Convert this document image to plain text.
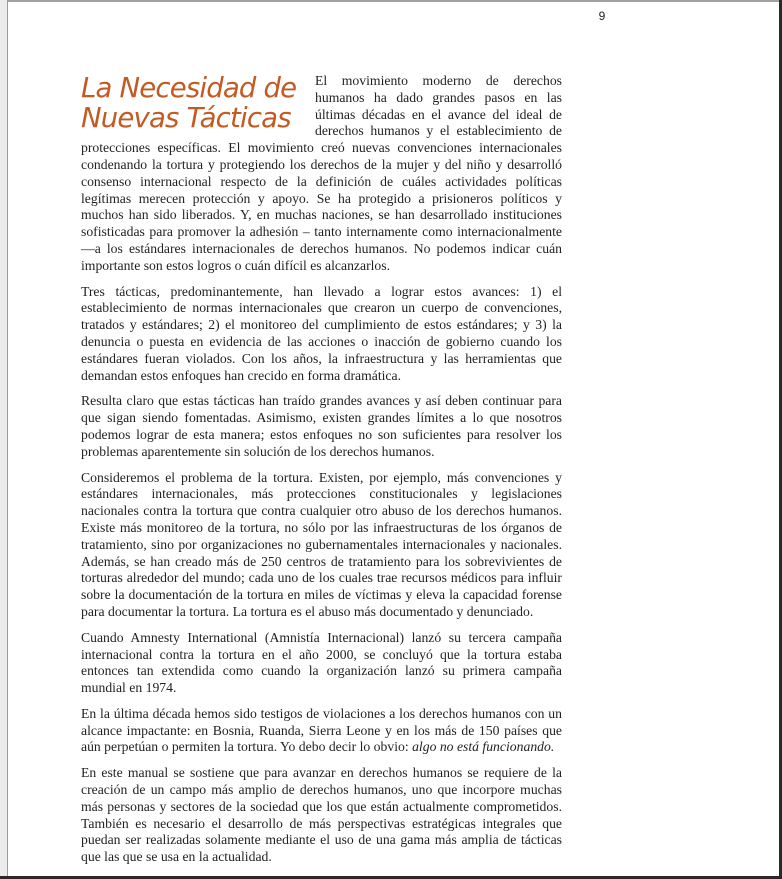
9
La Necesidad de
Nuevas Tácticas

El movimiento moderno de derechos humanos ha dado grandes pasos en las últimas décadas en el avance del ideal de derechos humanos y el establecimiento de protecciones específicas. El movimiento creó nuevas convenciones internacionales condenando la tortura y protegiendo los derechos de la mujer y del niño y desarrolló consenso internacional respecto de la definición de cuáles actividades políticas legítimas merecen protección y apoyo. Se ha protegido a prisioneros políticos y muchos han sido liberados. Y, en muchas naciones, se han desarrollado instituciones sofisticadas para promover la adhesión – tanto internamente como internacionalmente—a los estándares internacionales de derechos humanos. No podemos indicar cuán importante son estos logros o cuán difícil es alcanzarlos.

Tres tácticas, predominantemente, han llevado a lograr estos avances: 1) el establecimiento de normas internacionales que crearon un cuerpo de convenciones, tratados y estándares; 2) el monitoreo del cumplimiento de estos estándares; y 3) la denuncia o puesta en evidencia de las acciones o inacción de gobierno cuando los estándares fueran violados. Con los años, la infraestructura y las herramientas que demandan estos enfoques han crecido en forma dramática.

Resulta claro que estas tácticas han traído grandes avances y así deben continuar para que sigan siendo fomentadas. Asimismo, existen grandes límites a lo que nosotros podemos lograr de esta manera; estos enfoques no son suficientes para resolver los problemas aparentemente sin solución de los derechos humanos.

Consideremos el problema de la tortura. Existen, por ejemplo, más convenciones y estándares internacionales, más protecciones constitucionales y legislaciones nacionales contra la tortura que contra cualquier otro abuso de los derechos humanos. Existe más monitoreo de la tortura, no sólo por las infraestructuras de los órganos de tratamiento, sino por organizaciones no gubernamentales internacionales y nacionales. Además, se han creado más de 250 centros de tratamiento para los sobrevivientes de torturas alrededor del mundo; cada uno de los cuales trae recursos médicos para influir sobre la documentación de la tortura en miles de víctimas y eleva la capacidad forense para documentar la tortura. La tortura es el abuso más documentado y denunciado.

Cuando Amnesty International (Amnistía Internacional) lanzó su tercera campaña internacional contra la tortura en el año 2000, se concluyó que la tortura estaba entonces tan extendida como cuando la organización lanzó su primera campaña mundial en 1974.

En la última década hemos sido testigos de violaciones a los derechos humanos con un alcance impactante: en Bosnia, Ruanda, Sierra Leone y en los más de 150 países que aún perpetúan o permiten la tortura. Yo debo decir lo obvio: algo no está funcionando.

En este manual se sostiene que para avanzar en derechos humanos se requiere de la creación de un campo más amplio de derechos humanos, uno que incorpore muchas más personas y sectores de la sociedad que los que están actualmente comprometidos. También es necesario el desarrollo de más perspectivas estratégicas integrales que puedan ser realizadas solamente mediante el uso de una gama más amplia de tácticas que las que se usa en la actualidad.
